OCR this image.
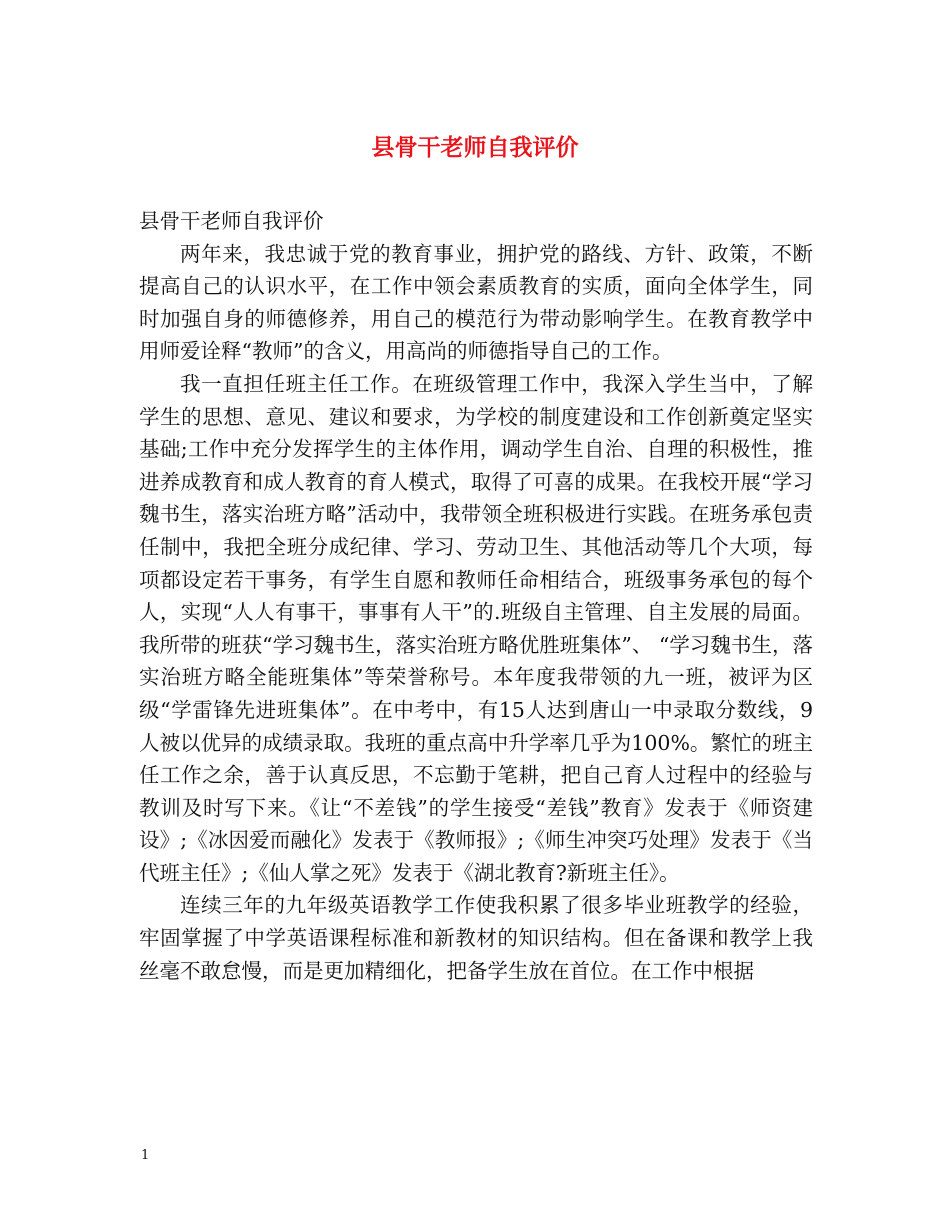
县骨干老师自我评价

县骨干老师自我评价

两年来，我忠诚于党的教育事业，拥护党的路线、方针、政策，不断提高自己的认识水平，在工作中领会素质教育的实质，面向全体学生，同时加强自身的师德修养，用自己的模范行为带动影响学生。在教育教学中用师爱诠释“教师”的含义，用高尚的师德指导自己的工作。

我一直担任班主任工作。在班级管理工作中，我深入学生当中，了解学生的思想、意见、建议和要求，为学校的制度建设和工作创新奠定坚实基础;工作中充分发挥学生的主体作用，调动学生自治、自理的积极性，推进养成教育和成人教育的育人模式，取得了可喜的成果。在我校开展“学习魏书生，落实治班方略”活动中，我带领全班积极进行实践。在班务承包责任制中，我把全班分成纪律、学习、劳动卫生、其他活动等几个大项，每项都设定若干事务，有学生自愿和教师任命相结合，班级事务承包的每个人，实现“人人有事干，事事有人干”的.班级自主管理、自主发展的局面。我所带的班获“学习魏书生，落实治班方略优胜班集体”、 “学习魏书生，落实治班方略全能班集体”等荣誉称号。本年度我带领的九一班，被评为区级“学雷锋先进班集体”。在中考中，有15人达到唐山一中录取分数线，9人被以优异的成绩录取。我班的重点高中升学率几乎为100%。繁忙的班主任工作之余，善于认真反思，不忘勤于笔耕，把自己育人过程中的经验与教训及时写下来。《让“不差钱”的学生接受“差钱”教育》发表于《师资建设》;《冰因爱而融化》发表于《教师报》;《师生冲突巧处理》发表于《当代班主任》;《仙人掌之死》发表于《湖北教育?新班主任》。

连续三年的九年级英语教学工作使我积累了很多毕业班教学的经验，牢固掌握了中学英语课程标准和新教材的知识结构。但在备课和教学上我丝毫不敢怠慢，而是更加精细化，把备学生放在首位。在工作中根据

1
